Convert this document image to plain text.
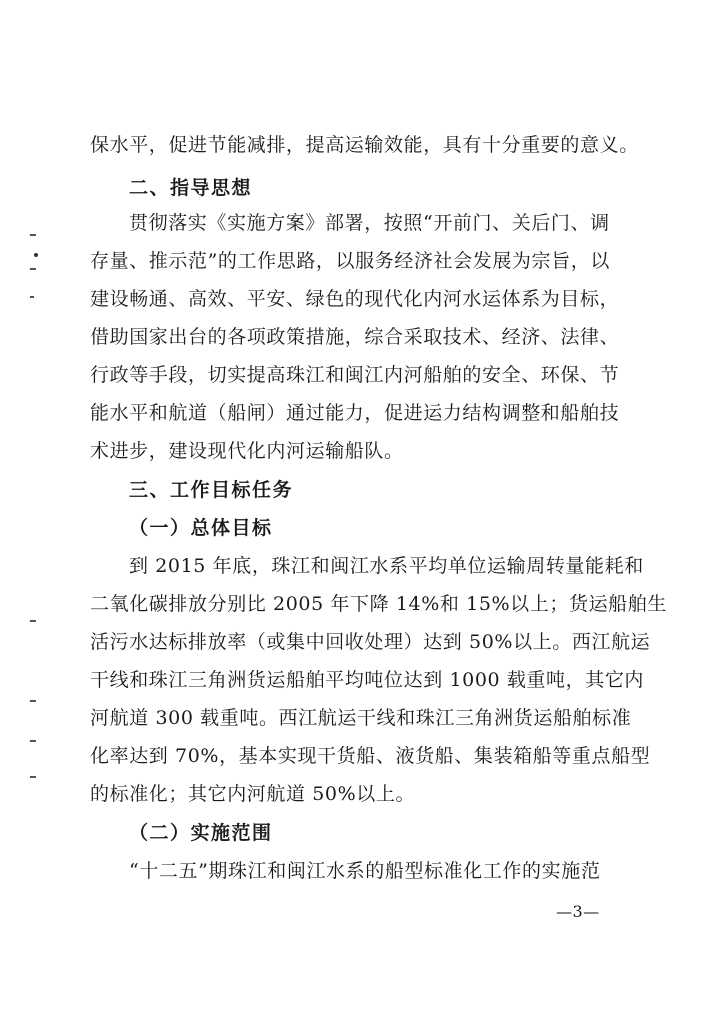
保水平，促进节能减排，提高运输效能，具有十分重要的意义。
二、指导思想
贯彻落实《实施方案》部署，按照“开前门、关后门、调
存量、推示范”的工作思路，以服务经济社会发展为宗旨，以
建设畅通、高效、平安、绿色的现代化内河水运体系为目标，
借助国家出台的各项政策措施，综合采取技术、经济、法律、
行政等手段，切实提高珠江和闽江内河船舶的安全、环保、节
能水平和航道（船闸）通过能力，促进运力结构调整和船舶技
术进步，建设现代化内河运输船队。
三、工作目标任务
（一）总体目标
到 2015 年底，珠江和闽江水系平均单位运输周转量能耗和
二氧化碳排放分别比 2005 年下降 14%和 15%以上；货运船舶生
活污水达标排放率（或集中回收处理）达到 50%以上。西江航运
干线和珠江三角洲货运船舶平均吨位达到 1000 载重吨，其它内
河航道 300 载重吨。西江航运干线和珠江三角洲货运船舶标准
化率达到 70%，基本实现干货船、液货船、集装箱船等重点船型
的标准化；其它内河航道 50%以上。
（二）实施范围
“十二五”期珠江和闽江水系的船型标准化工作的实施范
—3—
